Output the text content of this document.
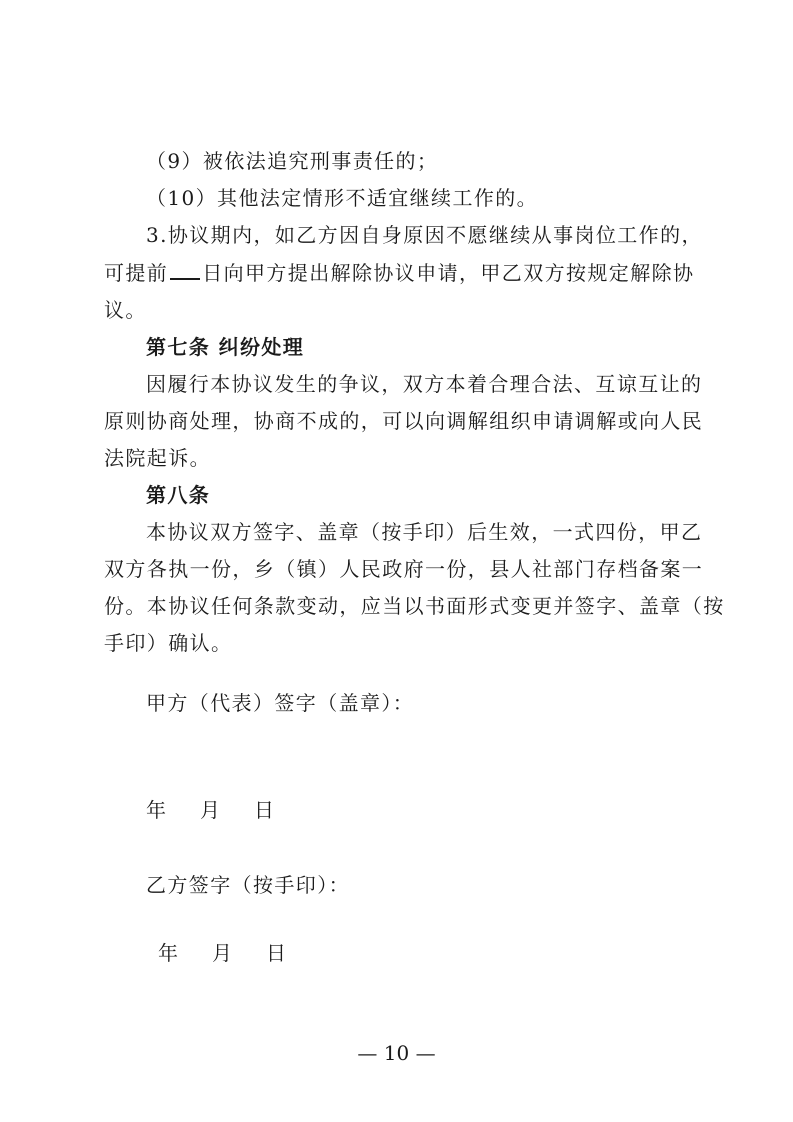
（9）被依法追究刑事责任的；
（10）其他法定情形不适宜继续工作的。
3.协议期内，如乙方因自身原因不愿继续从事岗位工作的，
可提前 日向甲方提出解除协议申请，甲乙双方按规定解除协
议。
第七条 纠纷处理
因履行本协议发生的争议，双方本着合理合法、互谅互让的
原则协商处理，协商不成的，可以向调解组织申请调解或向人民
法院起诉。
第八条
本协议双方签字、盖章（按手印）后生效，一式四份，甲乙
双方各执一份，乡（镇）人民政府一份，县人社部门存档备案一
份。本协议任何条款变动，应当以书面形式变更并签字、盖章（按
手印）确认。
甲方（代表）签字（盖章）：
年 月 日
乙方签字（按手印）：
年 月 日
— 10 —
